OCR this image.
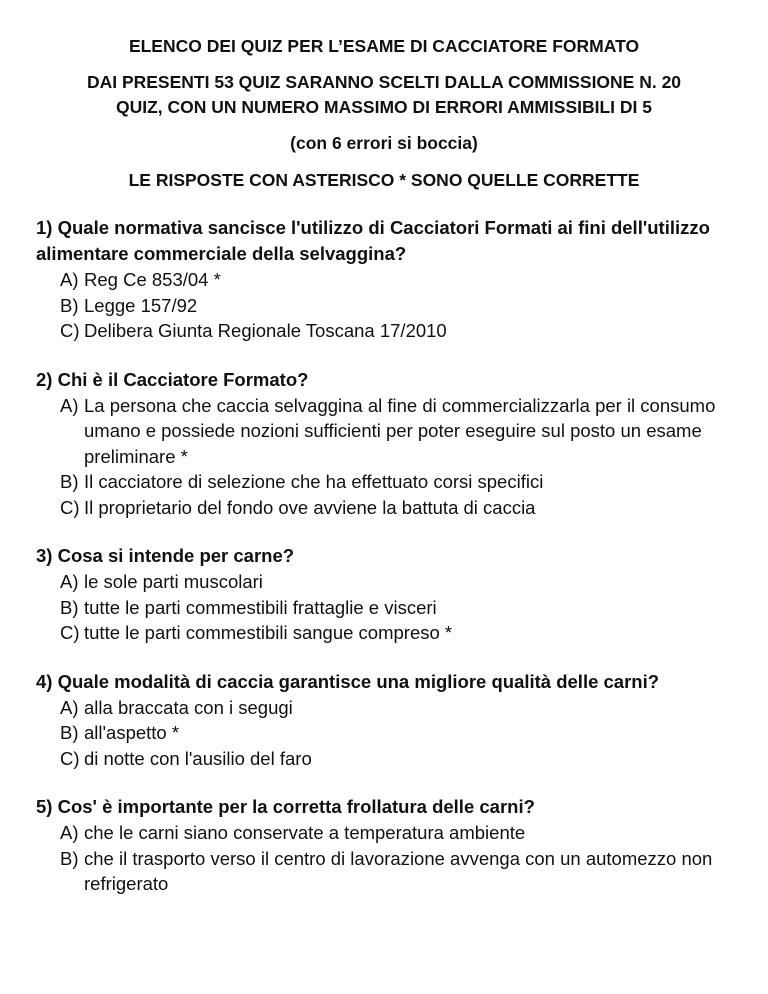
ELENCO DEI QUIZ PER L’ESAME DI CACCIATORE FORMATO
DAI PRESENTI 53 QUIZ SARANNO SCELTI DALLA COMMISSIONE N. 20
QUIZ, CON UN NUMERO MASSIMO DI ERRORI AMMISSIBILI DI 5
(con 6 errori si boccia)
LE RISPOSTE CON ASTERISCO * SONO QUELLE CORRETTE

1) Quale normativa sancisce l'utilizzo di Cacciatori Formati ai fini dell'utilizzo alimentare commerciale della selvaggina?

A) Reg Ce 853/04 *
B) Legge 157/92
C) Delibera Giunta Regionale Toscana 17/2010

2) Chi è il Cacciatore Formato?

A) La persona che caccia selvaggina al fine di commercializzarla per il consumo umano e possiede nozioni sufficienti per poter eseguire sul posto un esame preliminare *
B) Il cacciatore di selezione che ha effettuato corsi specifici
C) Il proprietario del fondo ove avviene la battuta di caccia

3) Cosa si intende per carne?

A) le sole parti muscolari
B) tutte le parti commestibili frattaglie e visceri
C) tutte le parti commestibili sangue compreso *

4) Quale modalità di caccia garantisce una migliore qualità delle carni?

A) alla braccata con i segugi
B) all'aspetto *
C) di notte con l'ausilio del faro

5) Cos' è importante per la corretta frollatura delle carni?

A) che le carni siano conservate a temperatura ambiente
B) che il trasporto verso il centro di lavorazione avvenga con un automezzo non refrigerato
